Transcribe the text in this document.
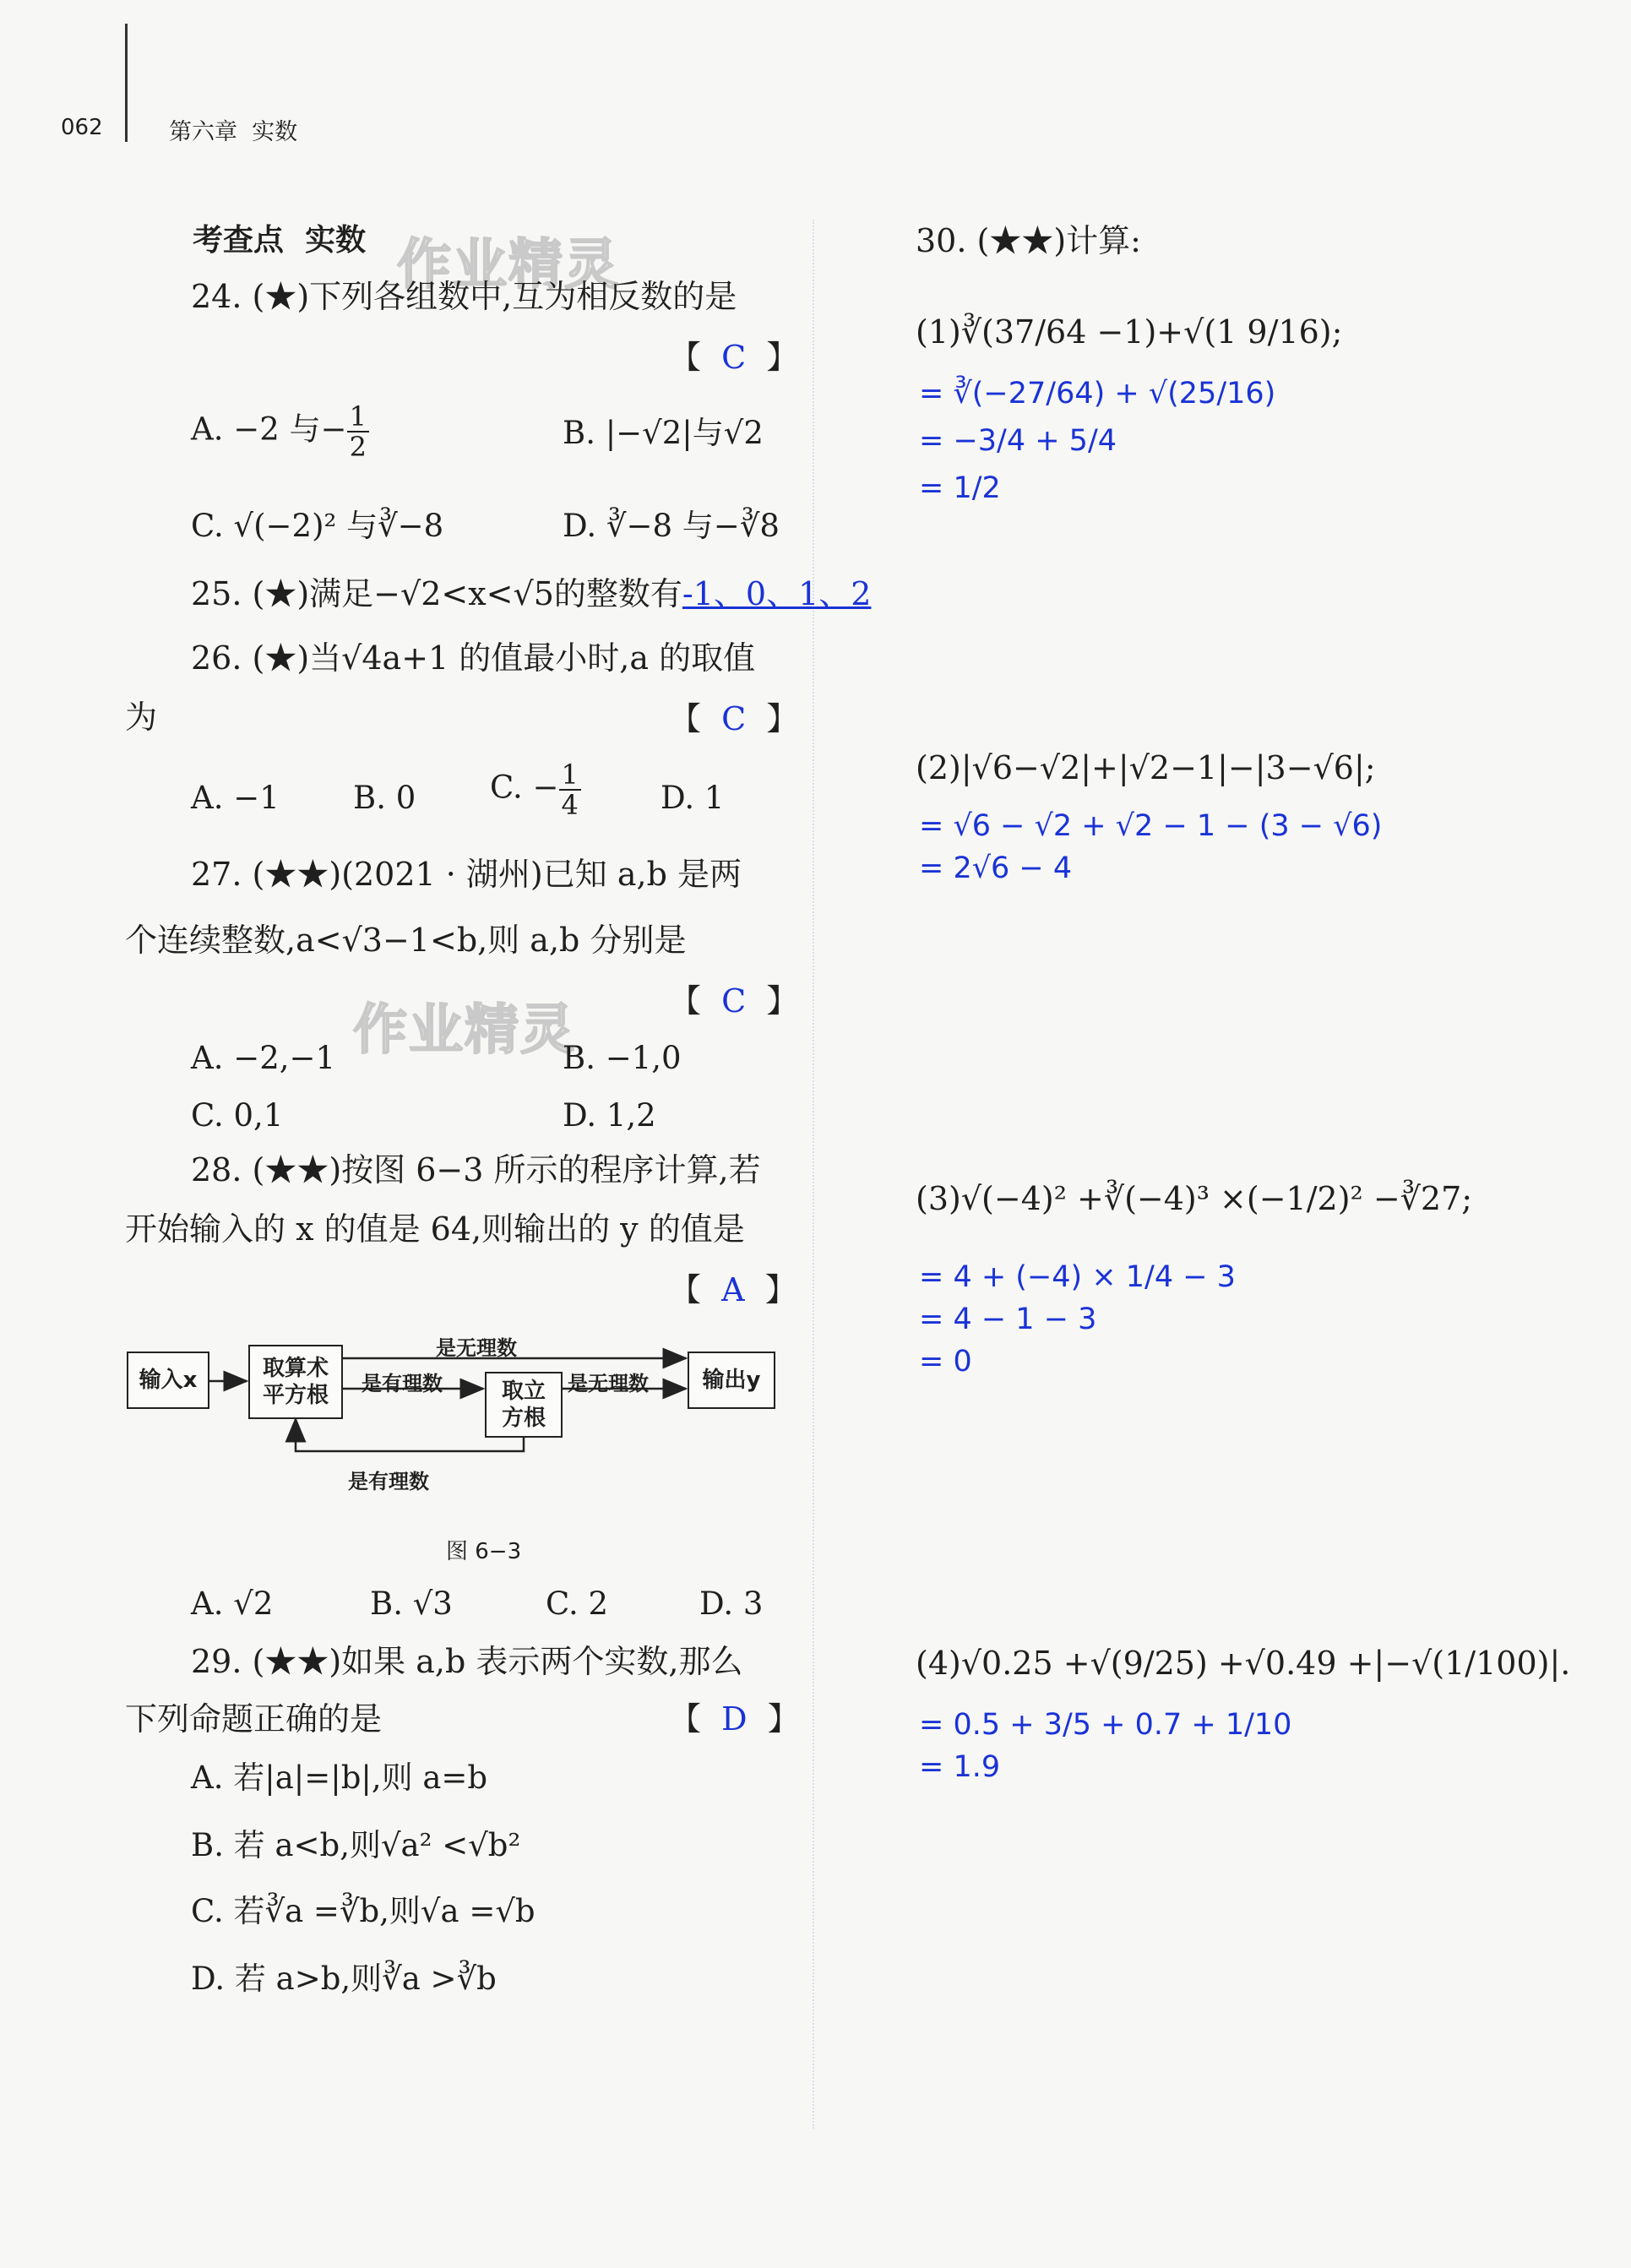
062	第六章 实数
考查点 实数 作业精灵
作业精灵
24. (★)下列各组数中,互为相反数的是
【  C  】
A. −2 与− $\frac{1}{2}$	B. |−√2|与√2
C. √(−2)² 与∛−8	D. ∛−8 与−∛8
25. (★)满足−√2<x<√5的整数有-1、0、1、2
26. (★)当√4a+1 的值最小时,a 的取值
为	【  C  】
A. −1 B. 0 C. − $\frac{1}{4}$	D. 1
27. (★★)(2021 · 湖州)已知 a,b 是两
个连续整数,a<√3−1<b,则 a,b 分别是
【  C  】
A. −2,−1	B. −1,0
C. 0,1	D. 1,2
28. (★★)按图 6−3 所示的程序计算,若
开始输入的 x 的值是 64,则输出的 y 的值是
【  A  】
输入x	取算术
平方根	取立
方根
输出y
是无理数
是有理数	是无理数
是有理数
图 6−3
A. √2	B. √3	C. 2	D. 3
29. (★★)如果 a,b 表示两个实数,那么
下列命题正确的是	【  D  】
A. 若|a|=|b|,则 a=b
B. 若 a<b,则√a² <√b²
C. 若∛a =∛b,则√a =√b
D. 若 a>b,则∛a >∛b
30. (★★)计算:
(1)∛(37/64 −1)+√(1 9/16);
= ∛(−27/64) + √(25/16)
= −3/4 + 5/4
= 1/2
(2)|√6−√2|+|√2−1|−|3−√6|;
= √6 − √2 + √2 − 1 − (3 − √6)
= 2√6 − 4
(3)√(−4)² +∛(−4)³ ×(−1/2)² −∛27;
= 4 + (−4) × 1/4 − 3
= 4 − 1 − 3
= 0
(4)√0.25 +√(9/25) +√0.49 +|−√(1/100)|.
= 0.5 + 3/5 + 0.7 + 1/10
= 1.9
